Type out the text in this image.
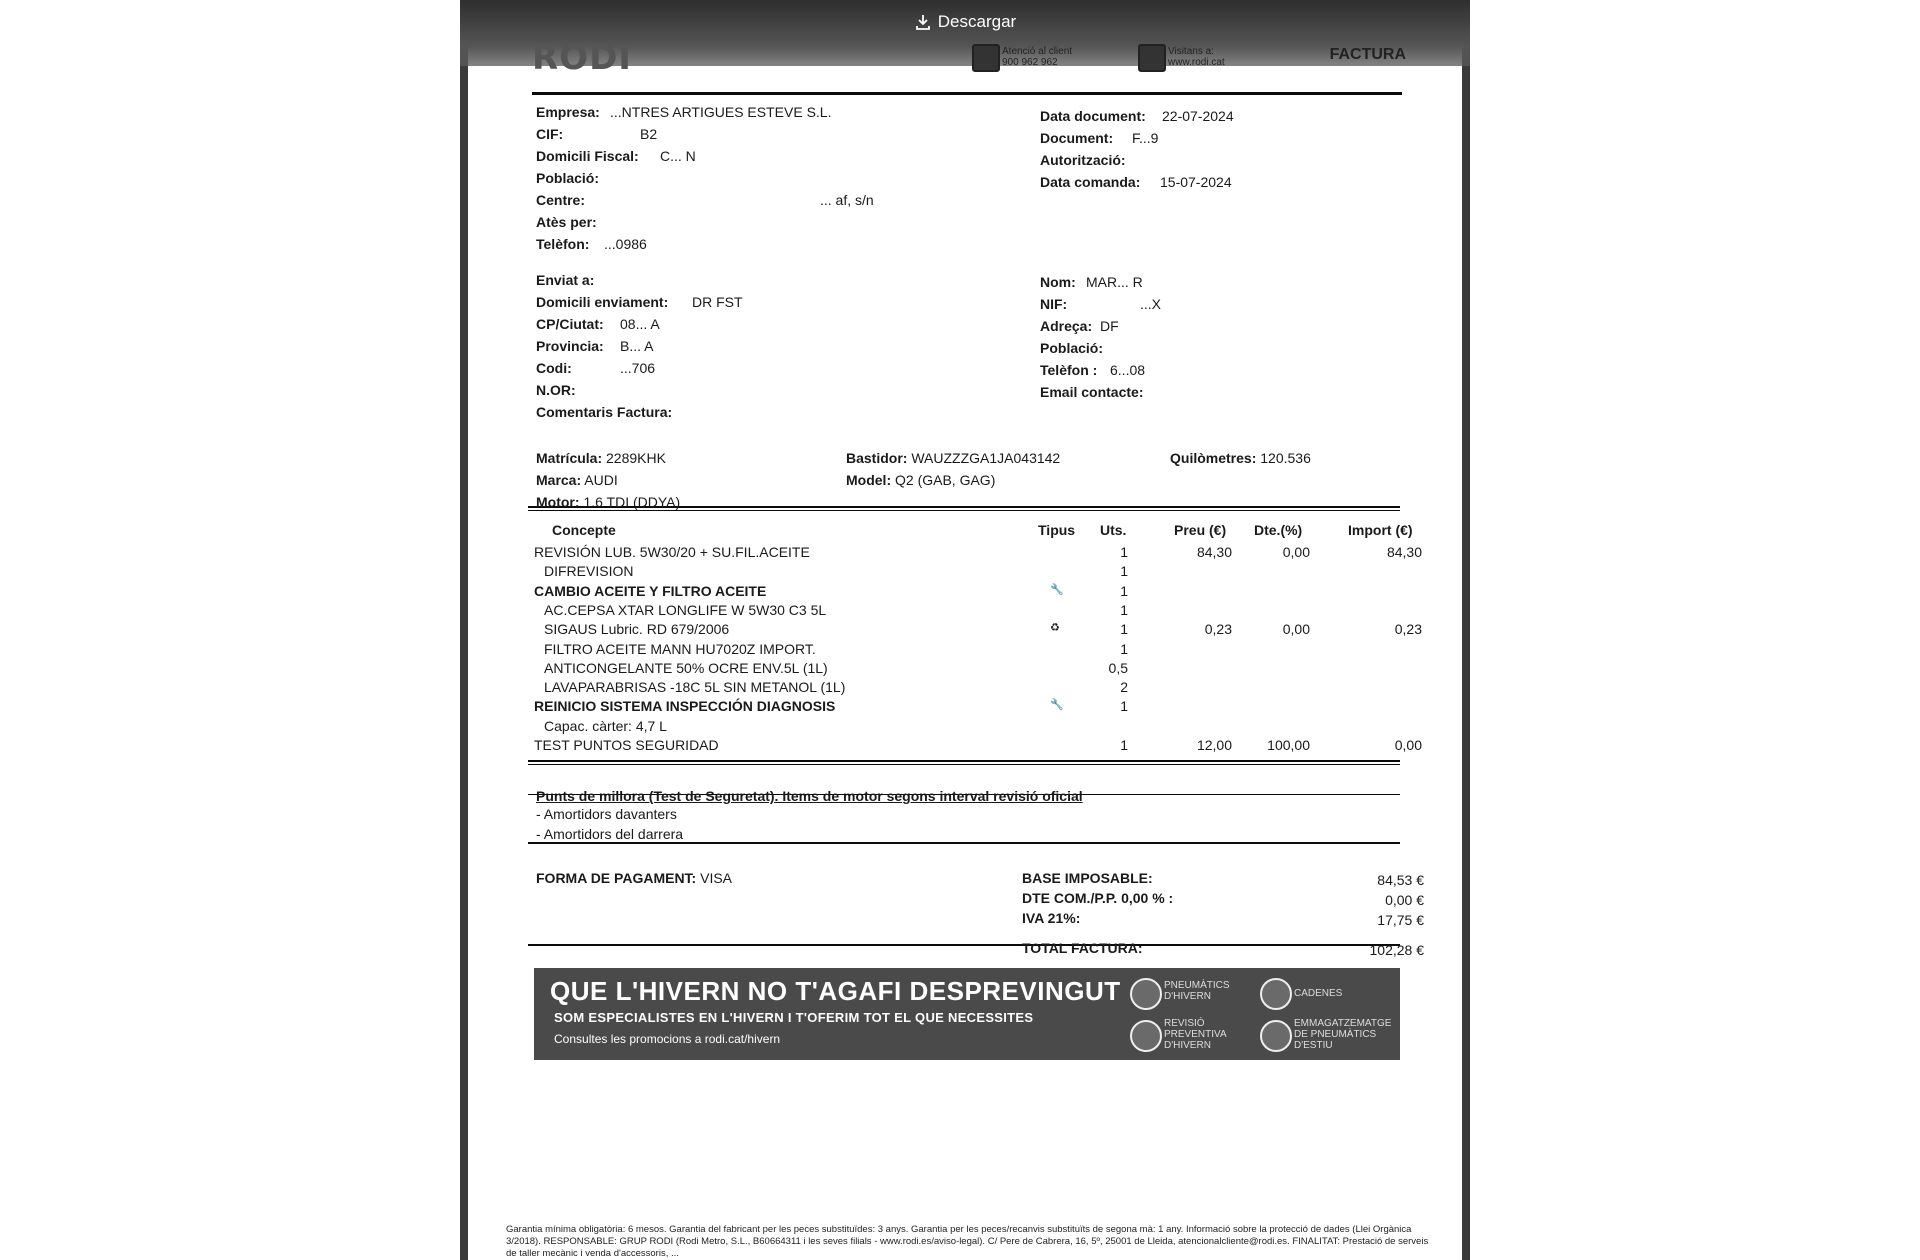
Descargar
RODI	Atenció al client
900 962 962
Visitans a:
www.rodi.cat	FACTURA
Empresa: ...NTRES ARTIGUES ESTEVE S.L.
CIF:	B2
Domicili Fiscal: C... N
Població:
Centre:	... af, s/n
Atès per:
Telèfon: ...0986
Data document: 22-07-2024
Document: F...9
Autorització:
Data comanda: 15-07-2024
Enviat a:
Domicili enviament: DR FST
CP/Ciutat: 08... A
Provincia: B... A
Codi:	...706
N.OR:
Comentaris Factura:
Nom: MAR... R
NIF:	...X
Adreça: DF
Població:
Telèfon : 6...08
Email contacte:
Matrícula: 2289KHK
Marca: AUDI
Motor: 1.6 TDI (DDYA)
Bastidor: WAUZZZGA1JA043142
Model: Q2 (GAB, GAG)
Quilòmetres: 120.536
Concepte	Tipus Uts.	Preu (€) Dte.(%)	Import (€)
REVISIÓN LUB. 5W30/20 + SU.FIL.ACEITE	1	84,30	0,00	84,30
DIFREVISION	1
CAMBIO ACEITE Y FILTRO ACEITE	🔧	1
AC.CEPSA XTAR LONGLIFE W 5W30 C3 5L	1
SIGAUS Lubric. RD 679/2006	♻	1	0,23	0,00	0,23
FILTRO ACEITE MANN HU7020Z IMPORT.	1
ANTICONGELANTE 50% OCRE ENV.5L (1L)	0,5
LAVAPARABRISAS -18C 5L SIN METANOL (1L)	2
REINICIO SISTEMA INSPECCIÓN DIAGNOSIS	🔧	1
Capac. càrter: 4,7 L
TEST PUNTOS SEGURIDAD	1	12,00	100,00	0,00
Punts de millora (Test de Seguretat). Items de motor segons interval revisió oficial
- Amortidors davanters
- Amortidors del darrera
FORMA DE PAGAMENT: VISA	BASE IMPOSABLE:	84,53 €
DTE COM./P.P. 0,00 % :	0,00 €
IVA 21%:	17,75 €
TOTAL FACTURA:	102,28 €
QUE L'HIVERN NO T'AGAFI DESPREVINGUT
SOM ESPECIALISTES EN L'HIVERN I T'OFERIM TOT EL QUE NECESSITES
Consultes les promocions a rodi.cat/hivern
PNEUMÀTICS D'HIVERN	CADENES
REVISIÓ PREVENTIVA D'HIVERN
EMMAGATZEMATGE DE PNEUMÀTICS D'ESTIU
Garantia mínima obligatòria: 6 mesos. Garantia del fabricant per les peces substituïdes: 3 anys. Garantia per les peces/recanvis substituïts de segona mà: 1 any. Informació sobre la protecció de dades (Llei Orgànica 3/2018). RESPONSABLE: GRUP RODI (Rodi Metro, S.L., B60664311 i les seves filials - www.rodi.es/aviso-legal). C/ Pere de Cabrera, 16, 5º, 25001 de Lleida, atencionalcliente@rodi.es. FINALITAT: Prestació de serveis de taller mecànic i venda d'accessoris, ...
